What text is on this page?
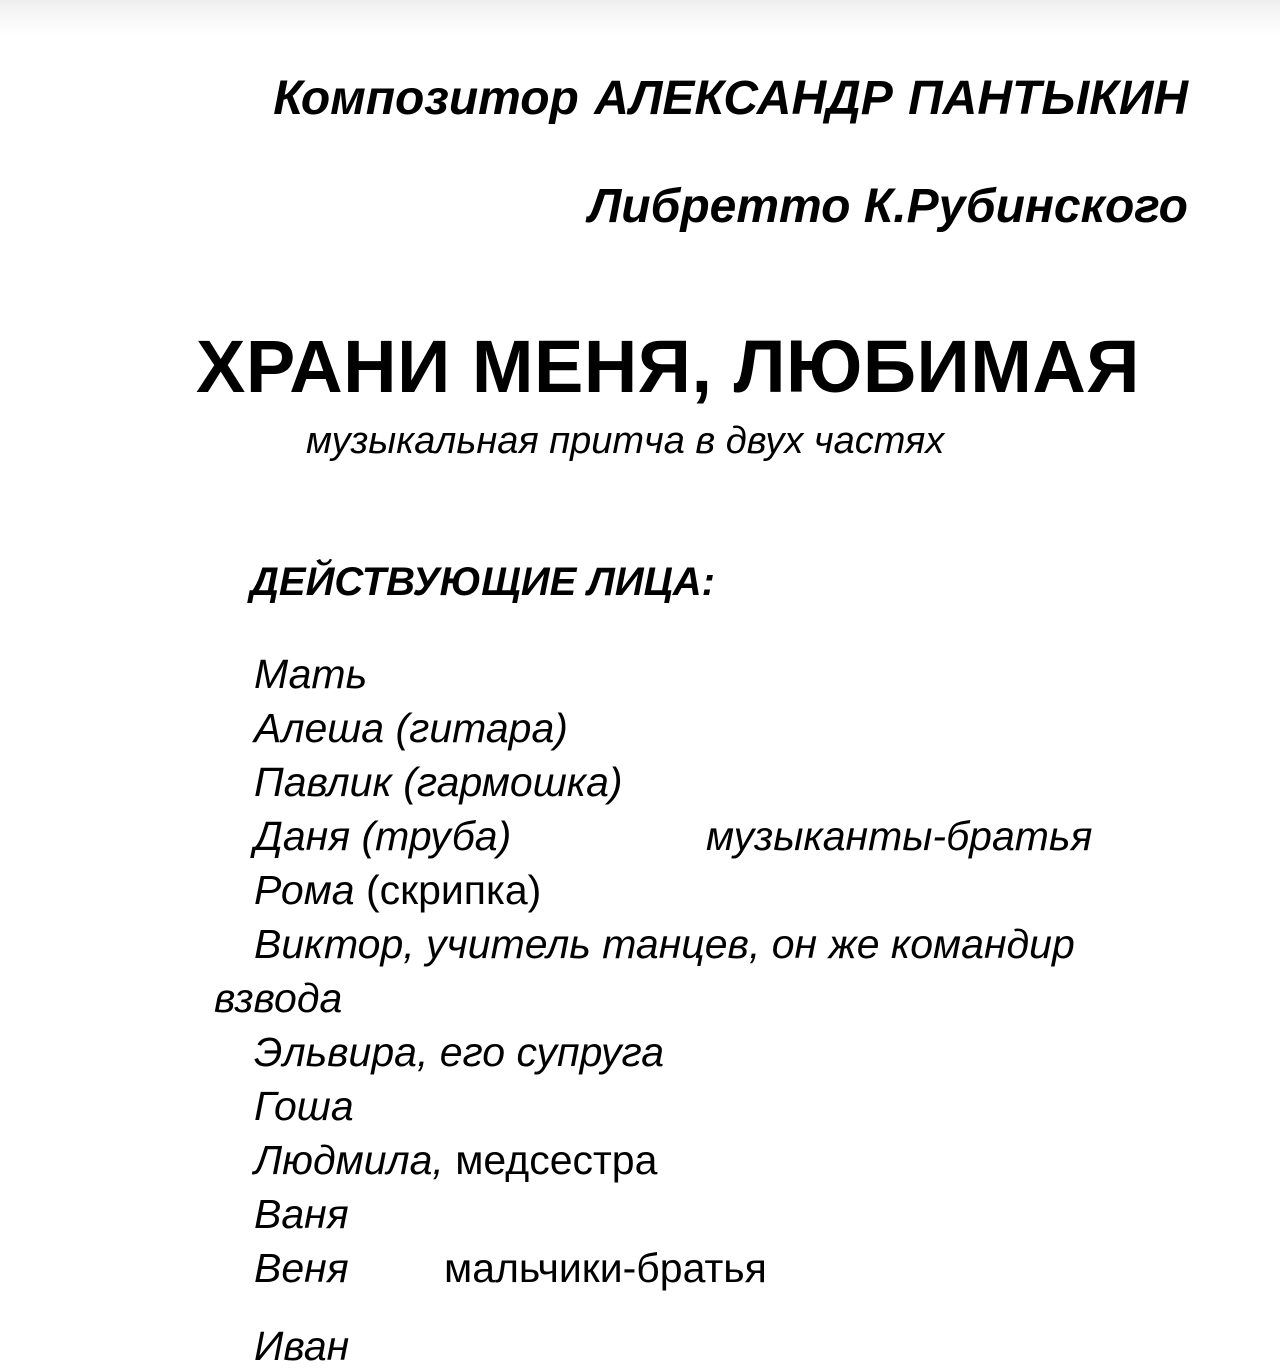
Композитор АЛЕКСАНДР ПАНТЫКИН
Либретто К.Рубинского
ХРАНИ МЕНЯ, ЛЮБИМАЯ
музыкальная притча в двух частях
ДЕЙСТВУЮЩИЕ ЛИЦА:
Мать
Алеша (гитара)
Павлик (гармошка)
Даня (труба)	музыканты-братья
Рома (скрипка)
Виктор, учитель танцев, он же командир
взвода
Эльвира, его супруга
Гоша
Людмила, медсестра
Ваня
Веня мальчики-братья
Иван
